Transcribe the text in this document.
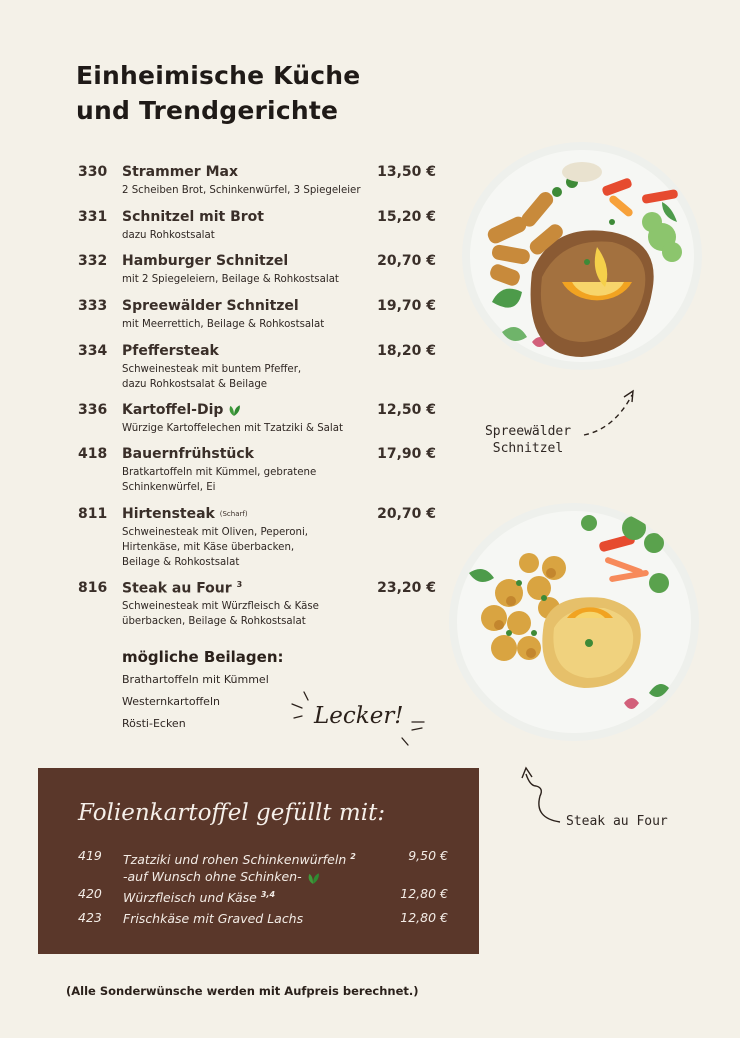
Einheimische Küche
und Trendgerichte
330 Strammer Max	13,50 €
2 Scheiben Brot, Schinkenwürfel, 3 Spiegeleier
331 Schnitzel mit Brot	15,20 €
dazu Rohkostsalat
332 Hamburger Schnitzel	20,70 €
mit 2 Spiegeleiern, Beilage & Rohkostsalat
333 Spreewälder Schnitzel	19,70 €
mit Meerrettich, Beilage & Rohkostsalat
334 Pfeffersteak	18,20 €
Schweinesteak mit buntem Pfeffer,
dazu Rohkostsalat & Beilage
336 Kartoffel-Dip	12,50 €
Würzige Kartoffelechen mit Tzatziki & Salat
418 Bauernfrühstück	17,90 €
Bratkartoffeln mit Kümmel, gebratene
Schinkenwürfel, Ei
811 Hirtensteak (Scharf)	20,70 €
Schweinesteak mit Oliven, Peperoni,
Hirtenkäse, mit Käse überbacken,
Beilage & Rohkostsalat
816 Steak au Four $^3$	23,20 €
Schweinesteak mit Würzfleisch & Käse
überbacken, Beilage & Rohkostsalat
mögliche Beilagen:
Brathartoffeln mit Kümmel
Westernkartoffeln
Rösti-Ecken	Lecker!
Spreewälder
Schnitzel
Steak au Four
Folienkartoffel gefüllt mit:
419 Tzatziki und rohen Schinkenwürfeln $^2$
-auf Wunsch ohne Schinken-
9,50 €
420 Würzfleisch und Käse $^{3,4}$	12,80 €
423 Frischkäse mit Graved Lachs	12,80 €
(Alle Sonderwünsche werden mit Aufpreis berechnet.)
